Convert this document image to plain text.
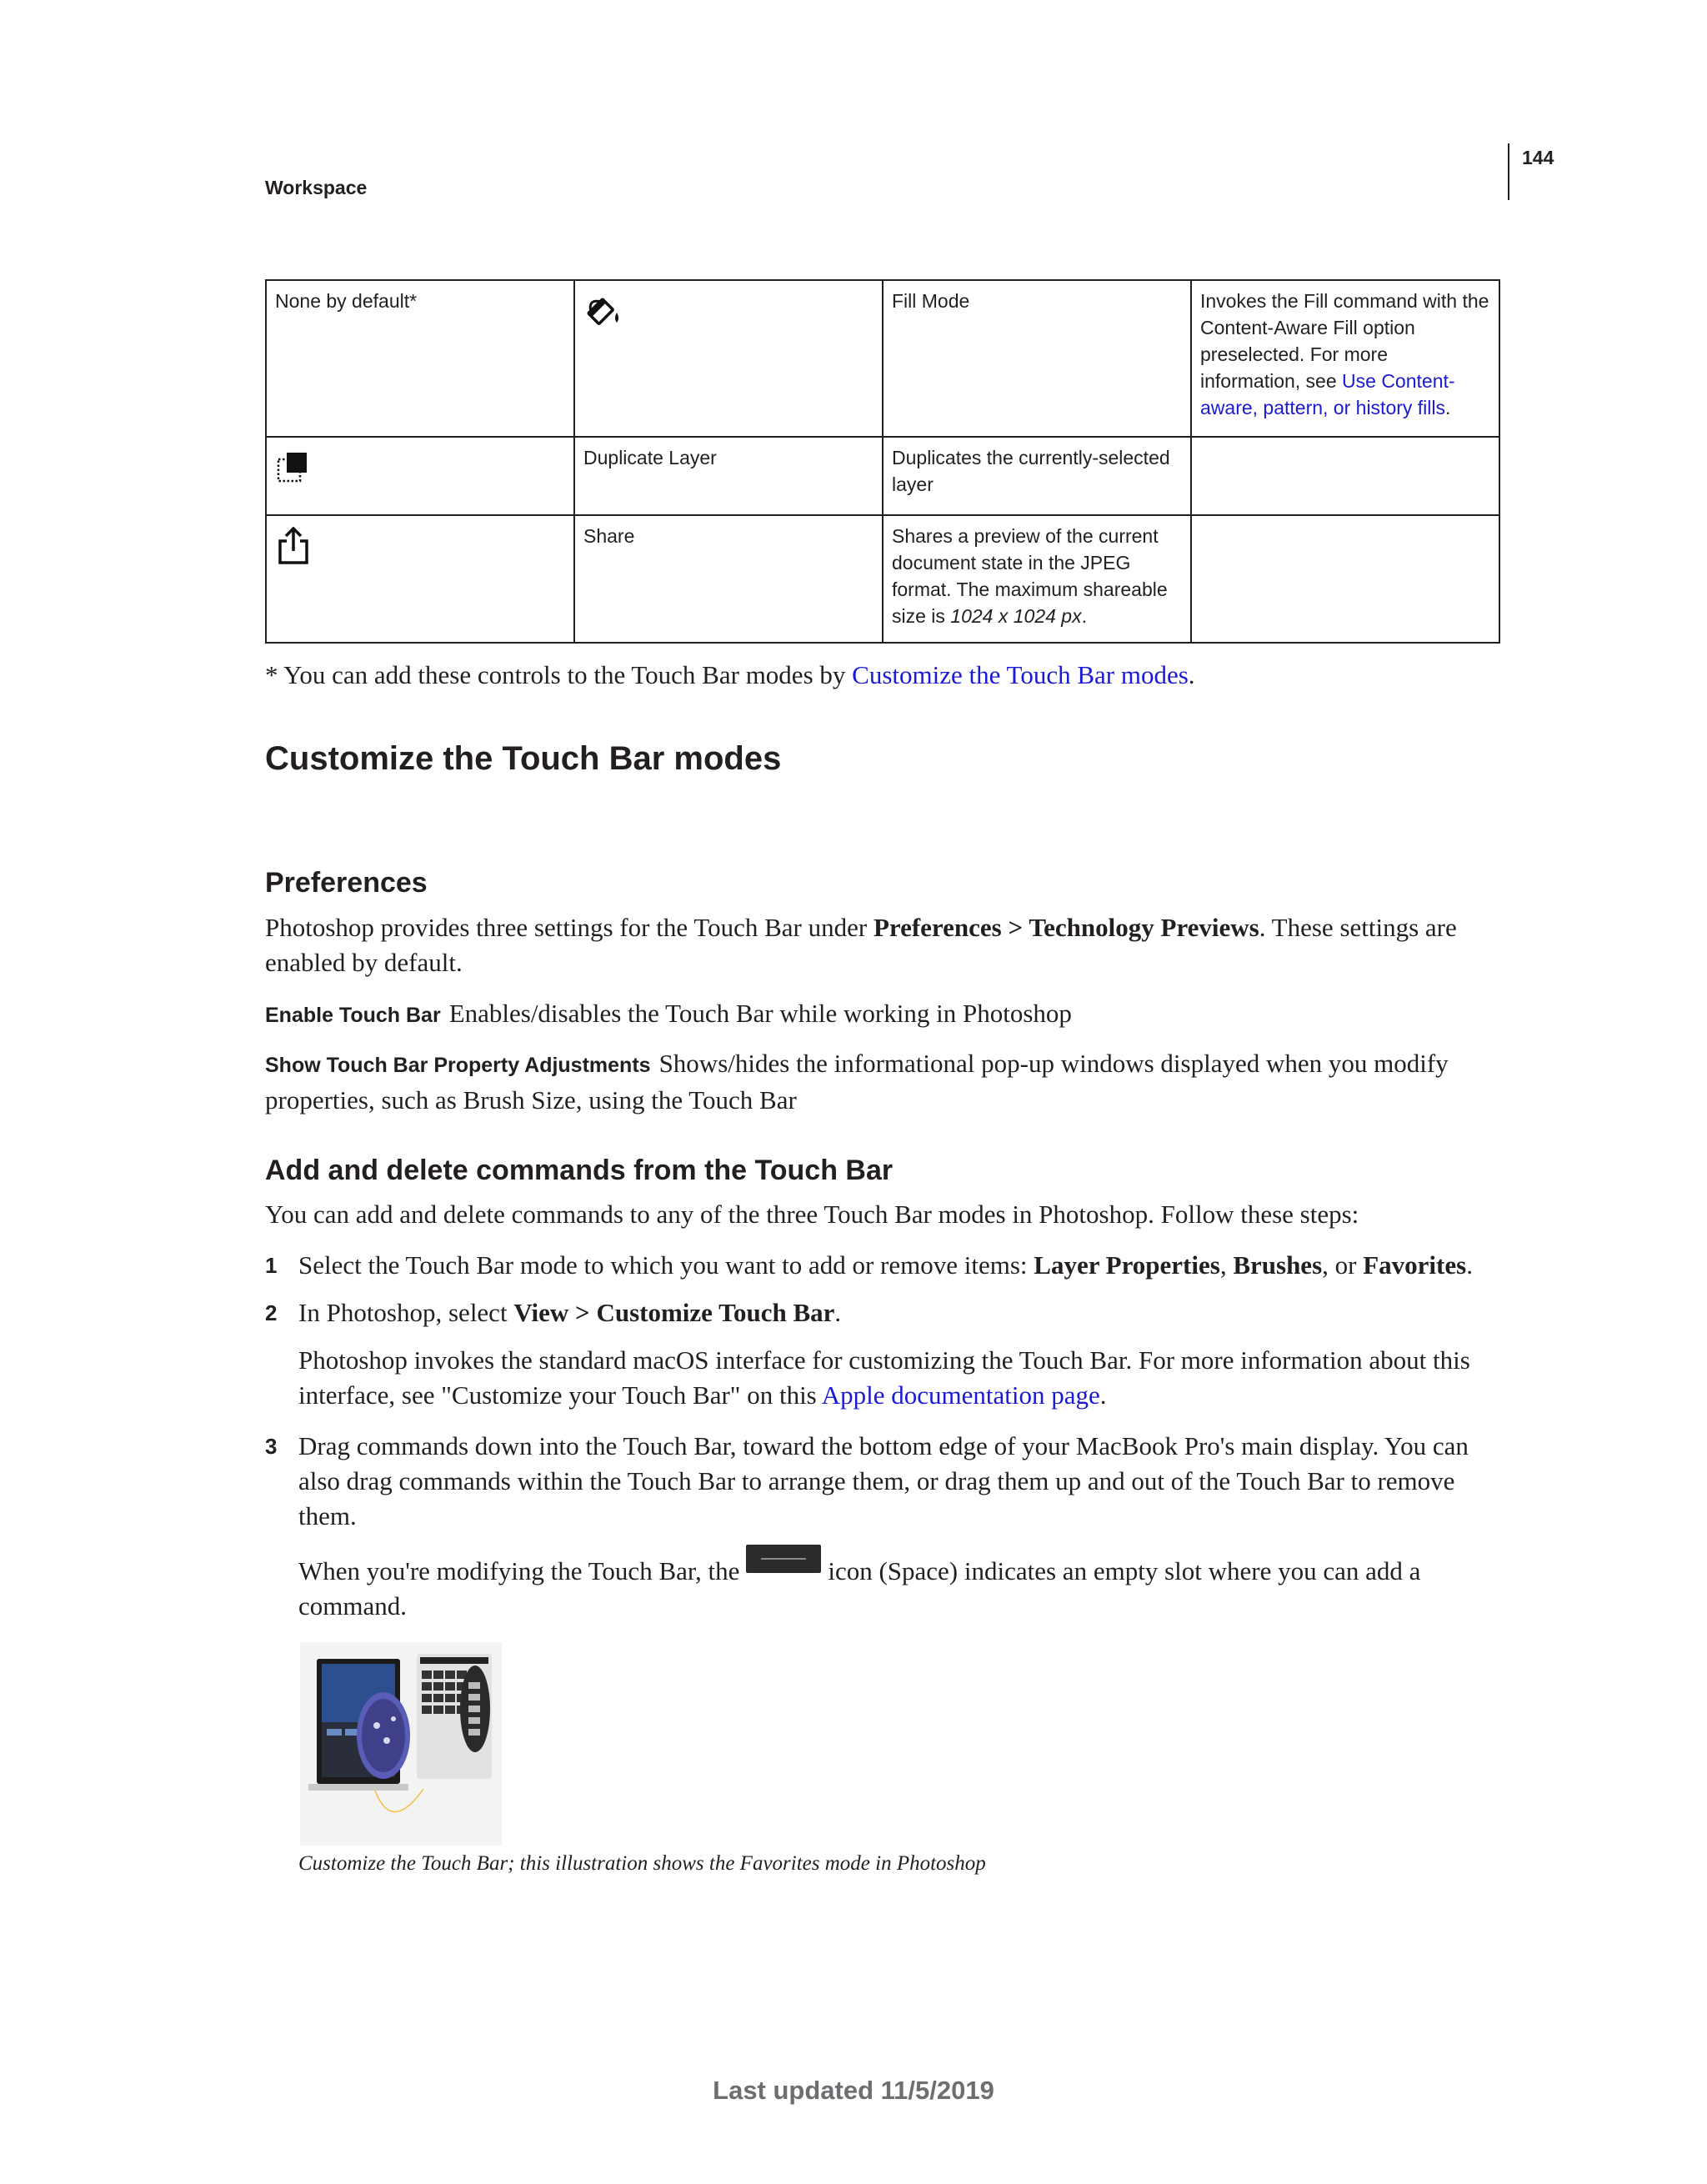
144
Workspace
None by default*		Fill Mode	Invokes the Fill command with the Content-Aware Fill option preselected. For more information, see Use Content-aware, pattern, or history fills.

	Duplicate Layer	Duplicates the currently-selected layer	

	Share	Shares a preview of the current document state in the JPEG format. The maximum shareable size is 1024 x 1024 px.	

* You can add these controls to the Touch Bar modes by Customize the Touch Bar modes.

Customize the Touch Bar modes
Preferences

Photoshop provides three settings for the Touch Bar under Preferences > Technology Previews. These settings are enabled by default.

Enable Touch Bar Enables/disables the Touch Bar while working in Photoshop

Show Touch Bar Property Adjustments Shows/hides the informational pop-up windows displayed when you modify properties, such as Brush Size, using the Touch Bar

Add and delete commands from the Touch Bar

You can add and delete commands to any of the three Touch Bar modes in Photoshop. Follow these steps:

1 Select the Touch Bar mode to which you want to add or remove items: Layer Properties, Brushes, or Favorites.

2 In Photoshop, select View > Customize Touch Bar.

Photoshop invokes the standard macOS interface for customizing the Touch Bar. For more information about this interface, see "Customize your Touch Bar" on this Apple documentation page.

3 Drag commands down into the Touch Bar, toward the bottom edge of your MacBook Pro's main display. You can also drag commands within the Touch Bar to arrange them, or drag them up and out of the Touch Bar to remove them.

When you're modifying the Touch Bar, the	icon (Space) indicates an empty slot where you can add a command.

Customize the Touch Bar; this illustration shows the Favorites mode in Photoshop

Last updated 11/5/2019
